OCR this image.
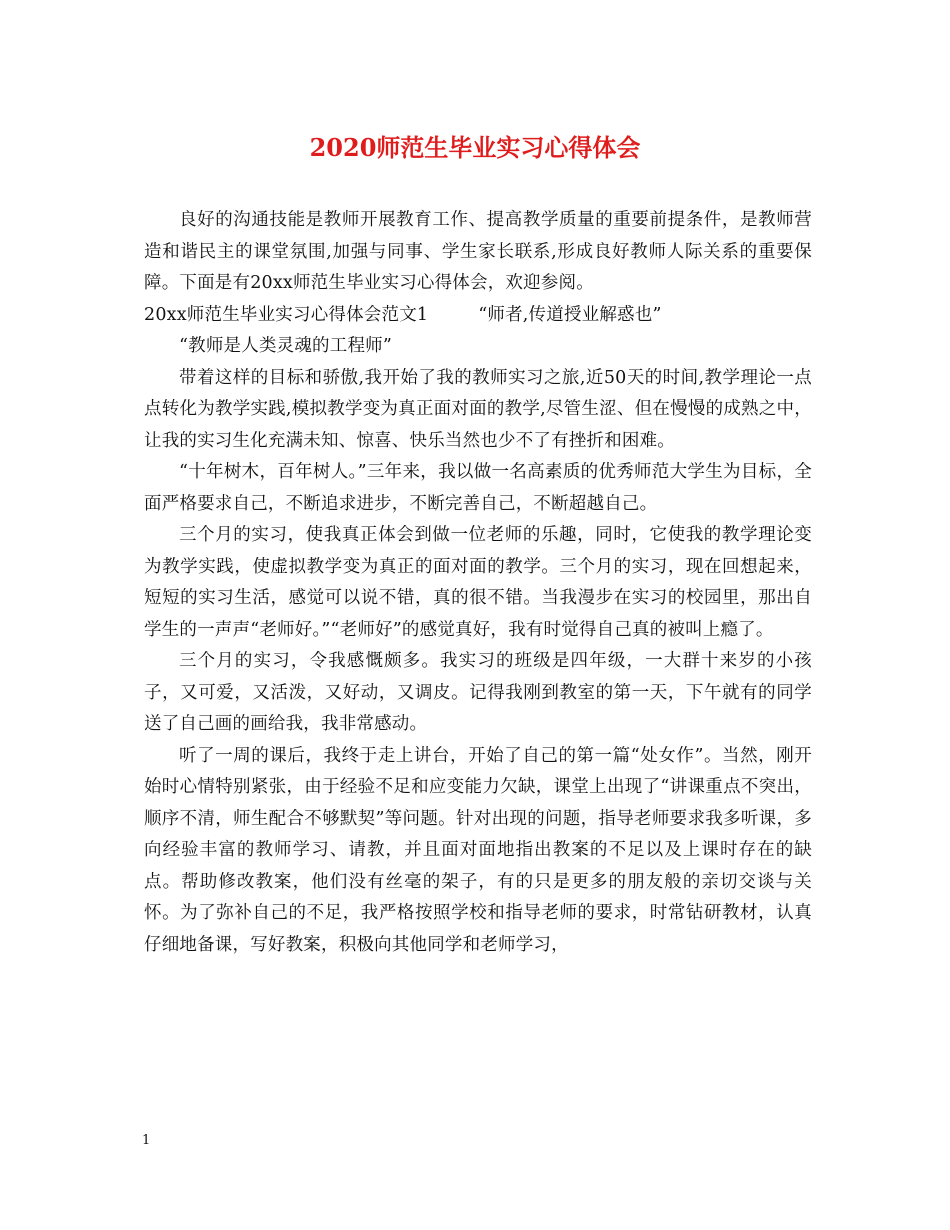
2020师范生毕业实习心得体会

良好的沟通技能是教师开展教育工作、提高教学质量的重要前提条件，是教师营造和谐民主的课堂氛围,加强与同事、学生家长联系,形成良好教师人际关系的重要保障。下面是有20xx师范生毕业实习心得体会，欢迎参阅。

20xx师范生毕业实习心得体会范文1	“师者,传道授业解惑也”

“教师是人类灵魂的工程师”

带着这样的目标和骄傲,我开始了我的教师实习之旅,近50天的时间,教学理论一点点转化为教学实践,模拟教学变为真正面对面的教学,尽管生涩、但在慢慢的成熟之中，让我的实习生化充满未知、惊喜、快乐当然也少不了有挫折和困难。

“十年树木，百年树人。”三年来，我以做一名高素质的优秀师范大学生为目标，全面严格要求自己，不断追求进步，不断完善自己，不断超越自己。

三个月的实习，使我真正体会到做一位老师的乐趣，同时，它使我的教学理论变为教学实践，使虚拟教学变为真正的面对面的教学。三个月的实习，现在回想起来，短短的实习生活，感觉可以说不错，真的很不错。当我漫步在实习的校园里，那出自学生的一声声“老师好。”“老师好”的感觉真好，我有时觉得自己真的被叫上瘾了。

三个月的实习，令我感慨颇多。我实习的班级是四年级，一大群十来岁的小孩子，又可爱，又活泼，又好动，又调皮。记得我刚到教室的第一天，下午就有的同学送了自己画的画给我，我非常感动。

听了一周的课后，我终于走上讲台，开始了自己的第一篇“处女作”。当然，刚开始时心情特别紧张，由于经验不足和应变能力欠缺，课堂上出现了“讲课重点不突出，顺序不清，师生配合不够默契”等问题。针对出现的问题，指导老师要求我多听课，多向经验丰富的教师学习、请教，并且面对面地指出教案的不足以及上课时存在的缺点。帮助修改教案，他们没有丝毫的架子，有的只是更多的朋友般的亲切交谈与关怀。为了弥补自己的不足，我严格按照学校和指导老师的要求，时常钻研教材，认真仔细地备课，写好教案，积极向其他同学和老师学习，

1
